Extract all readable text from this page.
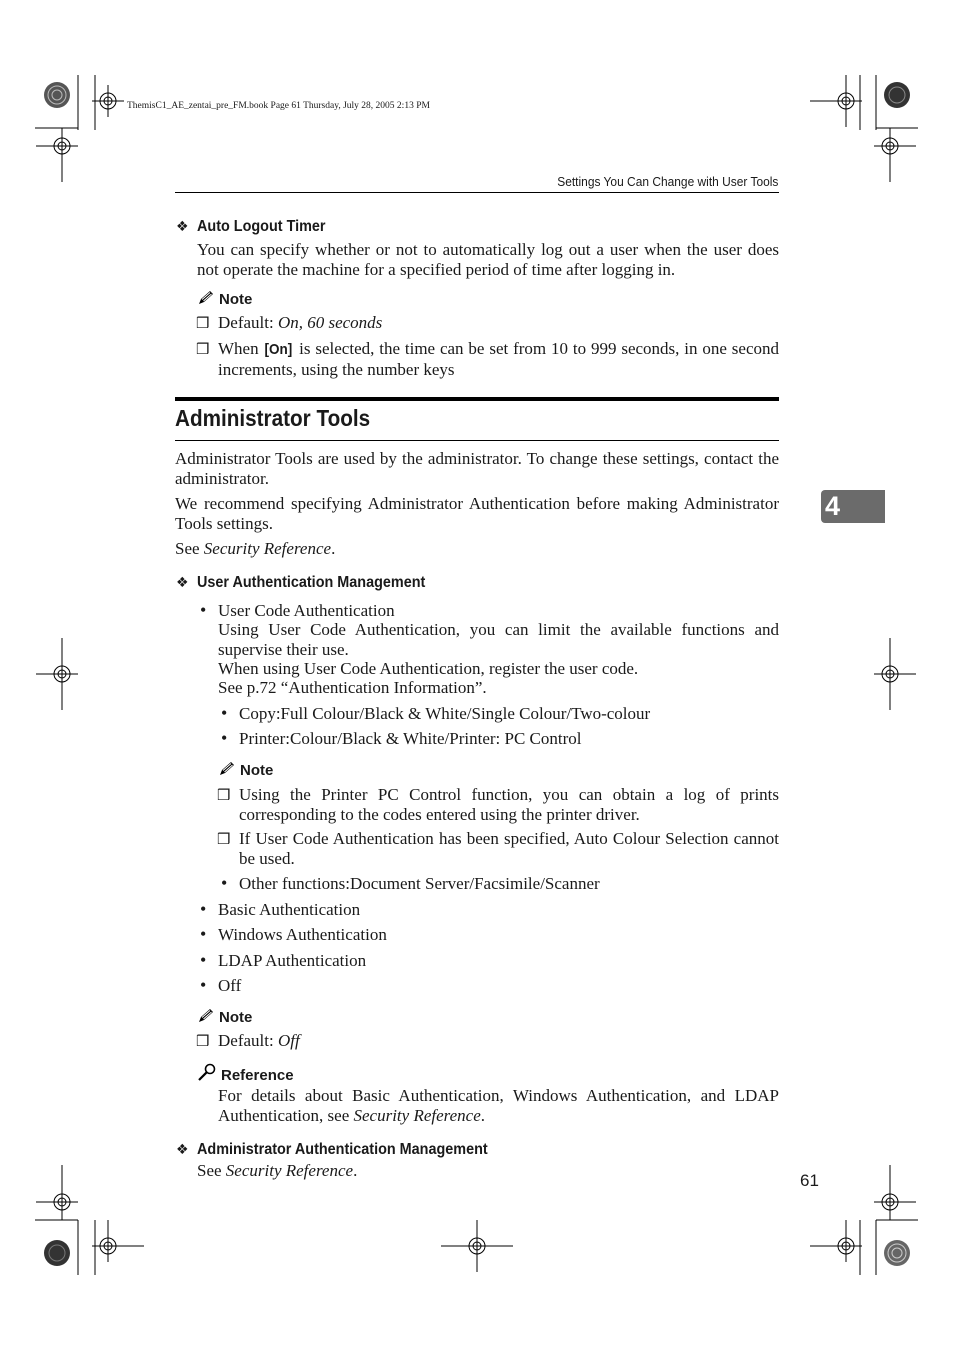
ThemisC1_AE_zentai_pre_FM.book Page 61 Thursday, July 28, 2005 2:13 PM
Settings You Can Change with User Tools
4
❖ Auto Logout Timer

You can specify whether or not to automatically log out a user when the user does not operate the machine for a specified period of time after logging in.

Note
❒ Default: On, 60 seconds

❒ When [On] is selected, the time can be set from 10 to 999 seconds, in one second increments, using the number keys

Administrator Tools

Administrator Tools are used by the administrator. To change these settings, contact the administrator.

We recommend specifying Administrator Authentication before making Administrator Tools settings.

See Security Reference.

❖ User Authentication Management
• User Code Authentication

Using User Code Authentication, you can limit the available functions and supervise their use.

When using User Code Authentication, register the user code.

See p.72 “Authentication Information”.

• Copy:Full Colour/Black & White/Single Colour/Two-colour

• Printer:Colour/Black & White/Printer: PC Control

Note
❒ Using the Printer PC Control function, you can obtain a log of prints corresponding to the codes entered using the printer driver.

❒ If User Code Authentication has been specified, Auto Colour Selection cannot be used.

• Other functions:Document Server/Facsimile/Scanner

• Basic Authentication

• Windows Authentication

• LDAP Authentication

• Off

Note
❒ Default: Off

Reference

For details about Basic Authentication, Windows Authentication, and LDAP Authentication, see Security Reference.

❖ Administrator Authentication Management

See Security Reference.

61
